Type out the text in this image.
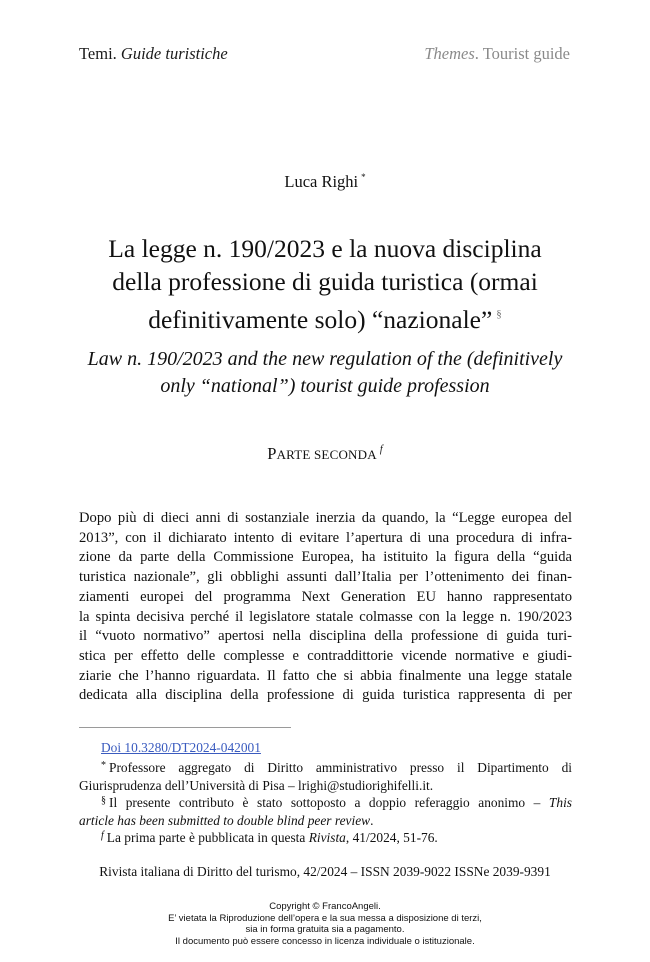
Temi. Guide turistiche	Themes. Tourist guide
Luca Righi *
La legge n. 190/2023 e la nuova disciplina
della professione di guida turistica (ormai
definitivamente solo) “nazionale” §
Law n. 190/2023 and the new regulation of the (definitively
only “national”) tourist guide profession
PARTE SECONDA $^f$
Dopo più di dieci anni di sostanziale inerzia da quando, la “Legge europea del
2013”, con il dichiarato intento di evitare l’apertura di una procedura di infra-
zione da parte della Commissione Europea, ha istituito la figura della “guida
turistica nazionale”, gli obblighi assunti dall’Italia per l’ottenimento dei finan-
ziamenti europei del programma Next Generation EU hanno rappresentato
la spinta decisiva perché il legislatore statale colmasse con la legge n. 190/2023
il “vuoto normativo” apertosi nella disciplina della professione di guida turi-
stica per effetto delle complesse e contraddittorie vicende normative e giudi-
ziarie che l’hanno riguardata. Il fatto che si abbia finalmente una legge statale
dedicata alla disciplina della professione di guida turistica rappresenta di per
Doi 10.3280/DT2024-042001
* Professore aggregato di Diritto amministrativo presso il Dipartimento di
Giurisprudenza dell’Università di Pisa – lrighi@studiorighifelli.it.
§ Il presente contributo è stato sottoposto a doppio referaggio anonimo – This
article has been submitted to double blind peer review.
$^f$ La prima parte è pubblicata in questa Rivista, 41/2024, 51-76.
Rivista italiana di Diritto del turismo, 42/2024 – ISSN 2039-9022 ISSNe 2039-9391
Copyright © FrancoAngeli.
E’ vietata la Riproduzione dell’opera e la sua messa a disposizione di terzi,
sia in forma gratuita sia a pagamento.
Il documento può essere concesso in licenza individuale o istituzionale.
